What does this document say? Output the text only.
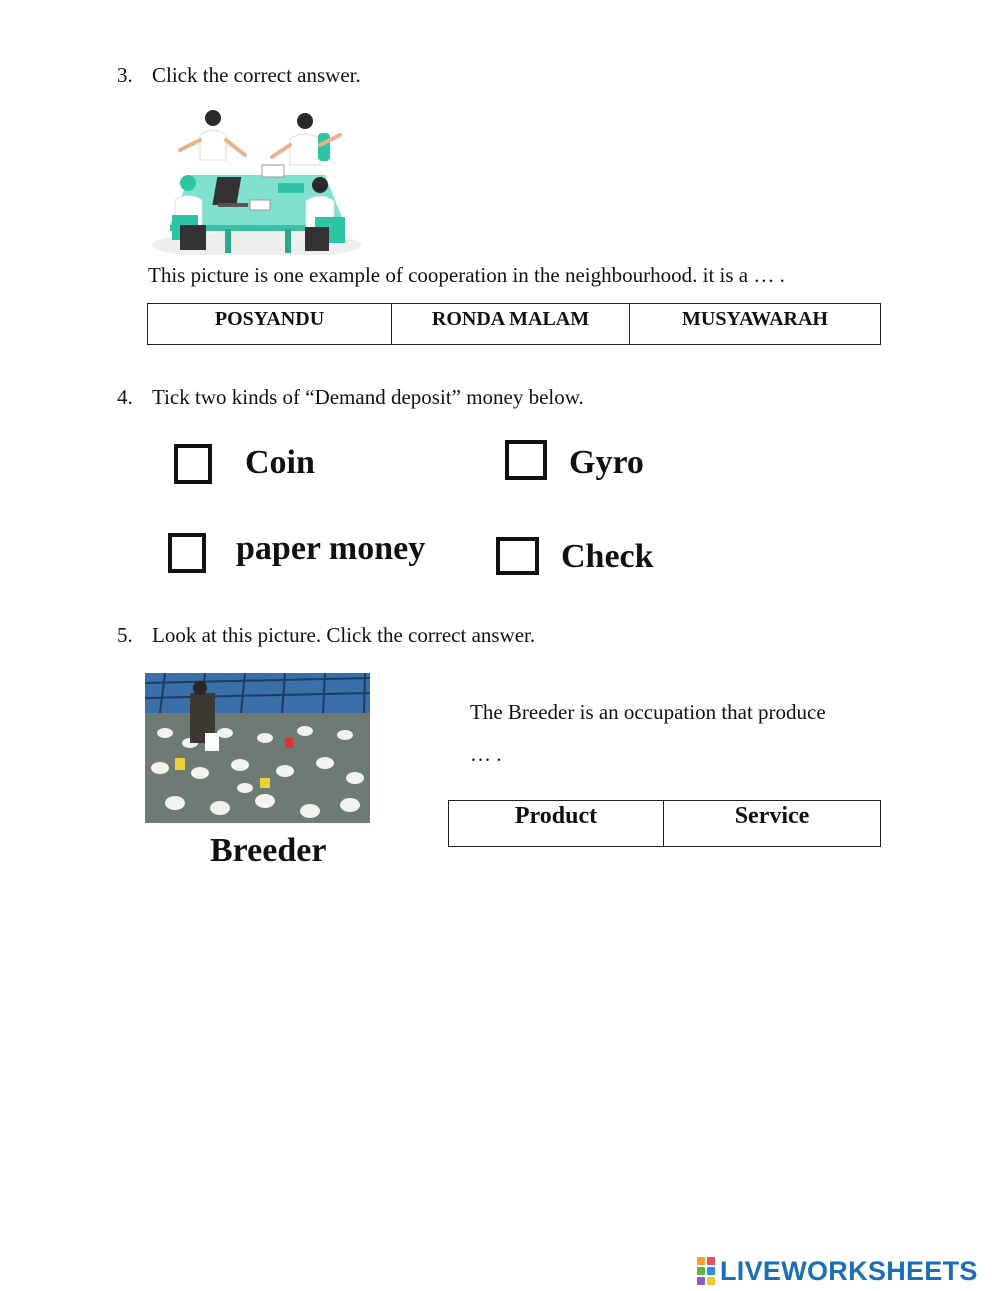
3. Click the correct answer.
This picture is one example of cooperation in the neighbourhood. it is a … .
POSYANDU	RONDA MALAM	MUSYAWARAH
4. Tick two kinds of “Demand deposit” money below.
Coin	Gyro
paper money	Check
5. Look at this picture. Click the correct answer.
Breeder
The Breeder is an occupation that produce
… .
Product	Service
LIVEWORKSHEETS
